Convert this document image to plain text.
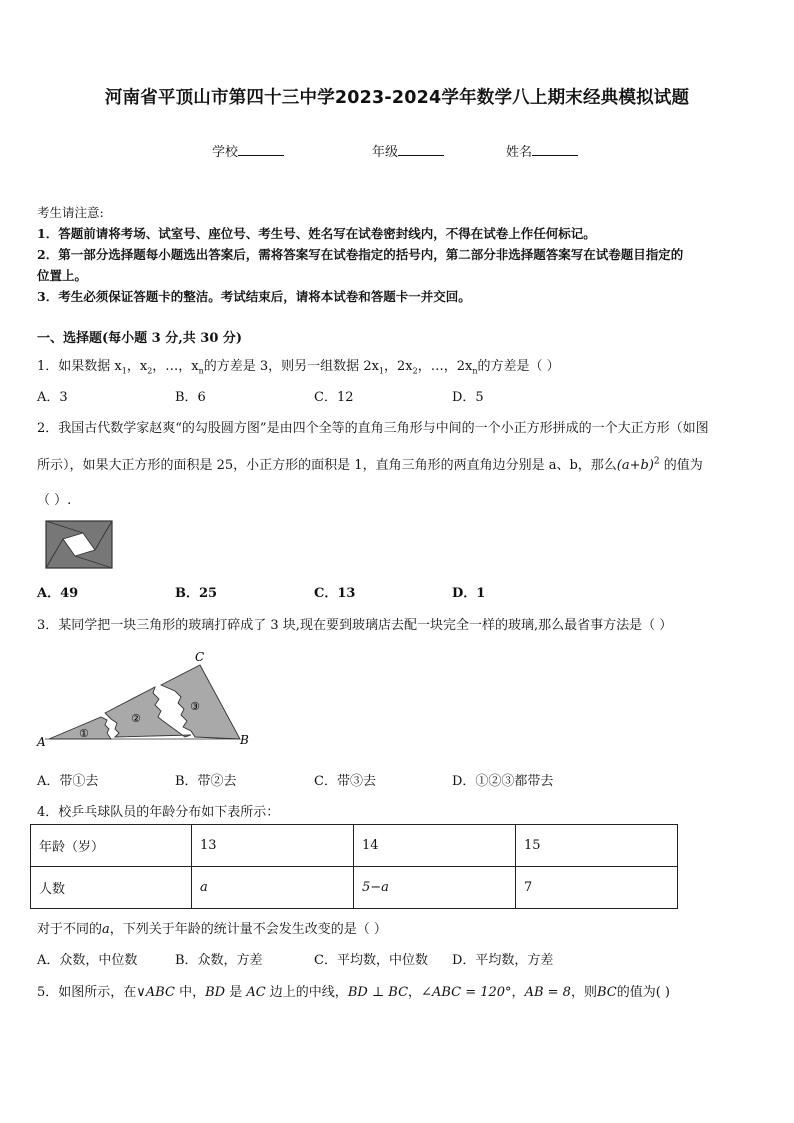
河南省平顶山市第四十三中学2023-2024学年数学八上期末经典模拟试题
学校	年级	姓名
考生请注意:
1．答题前请将考场、试室号、座位号、考生号、姓名写在试卷密封线内，不得在试卷上作任何标记。
2．第一部分选择题每小题选出答案后，需将答案写在试卷指定的括号内，第二部分非选择题答案写在试卷题目指定的
位置上。
3．考生必须保证答题卡的整洁。考试结束后，请将本试卷和答题卡一并交回。
一、选择题(每小题 3 分,共 30 分)
1．如果数据 $x_1$，$x_2$，…，$x_n$的方差是 3，则另一组数据 $2x_1$，$2x_2$，…，$2x_n$的方差是（ ）
A．3	B．6	C．12	D．5
2．我国古代数学家赵爽“的勾股圆方图”是由四个全等的直角三角形与中间的一个小正方形拼成的一个大正方形（如图
所示），如果大正方形的面积是 25，小正方形的面积是 1，直角三角形的两直角边分别是 a、b，那么$(a+b)^2$ 的值为
（ ）.
A．49	B．25	C．13	D．1
3．某同学把一块三角形的玻璃打碎成了 3 块,现在要到玻璃店去配一块完全一样的玻璃,那么最省事方法是（ ）
A	B
C
①
②
③
A．带①去	B．带②去	C．带③去	D．①②③都带去
4．校乒乓球队员的年龄分布如下表所示：
年龄（岁）	13	14	15
人数	a	5−a	7
对于不同的a，下列关于年龄的统计量不会发生改变的是（ ）
A．众数，中位数	B．众数，方差	C．平均数，中位数 D．平均数，方差
5．如图所示，在∨ABC 中，BD 是 AC 边上的中线，BD ⊥ BC，∠ABC = 120°，AB = 8，则BC的值为( )
